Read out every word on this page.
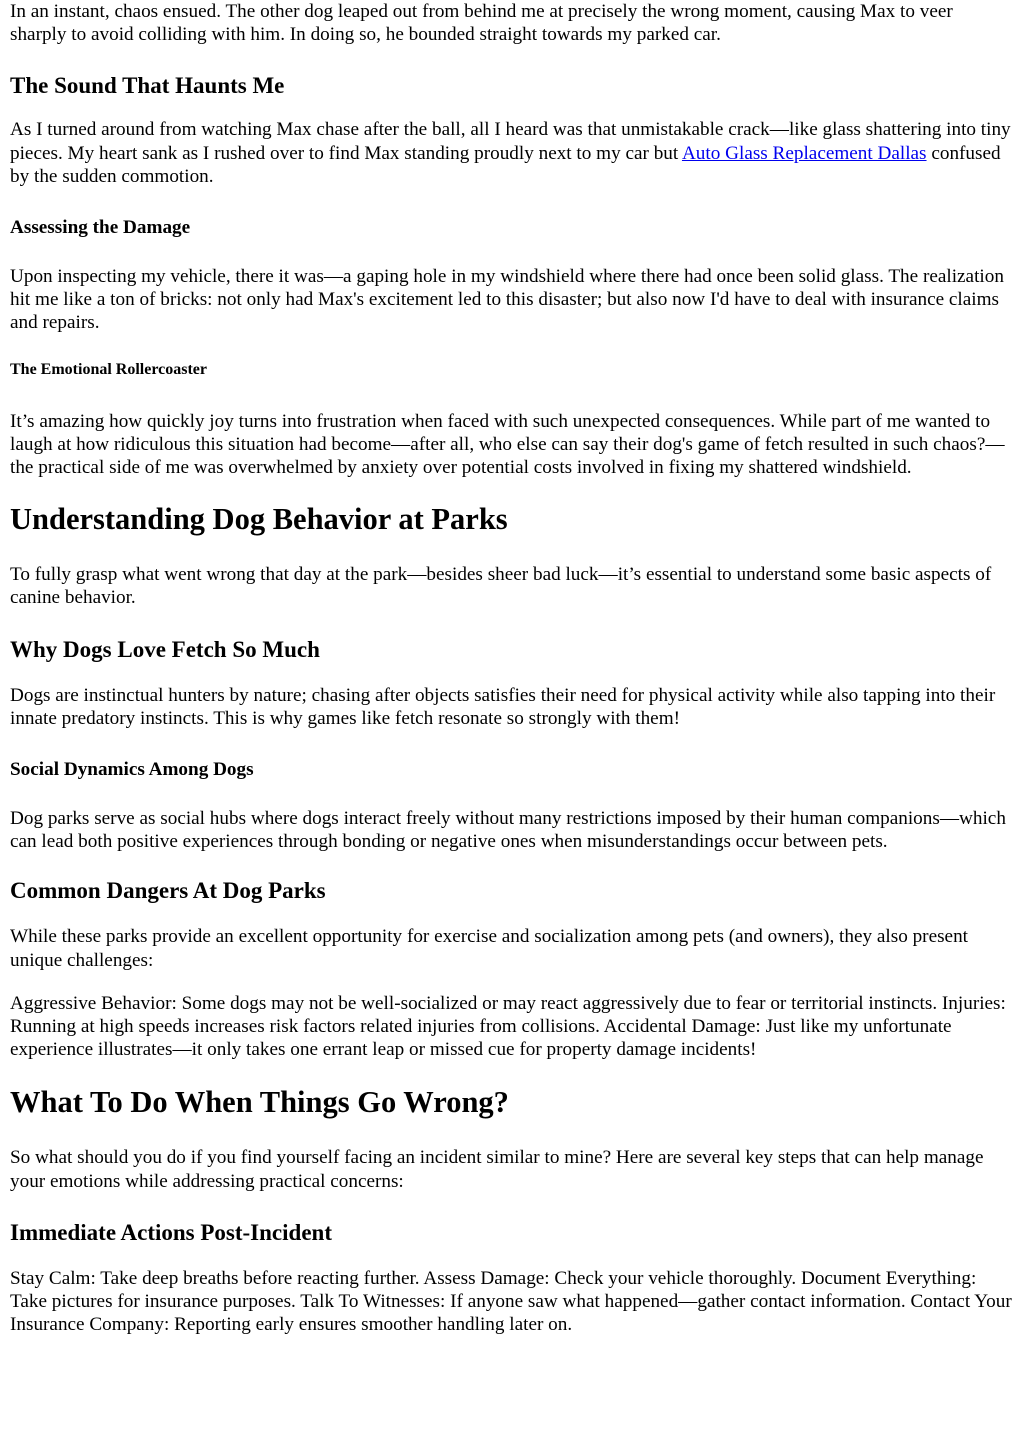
In an instant, chaos ensued. The other dog leaped out from behind me at precisely the wrong moment, causing Max to veer sharply to avoid colliding with him. In doing so, he bounded straight towards my parked car.

The Sound That Haunts Me

As I turned around from watching Max chase after the ball, all I heard was that unmistakable crack—like glass shattering into tiny pieces. My heart sank as I rushed over to find Max standing proudly next to my car but Auto Glass Replacement Dallas confused by the sudden commotion.

Assessing the Damage

Upon inspecting my vehicle, there it was—a gaping hole in my windshield where there had once been solid glass. The realization hit me like a ton of bricks: not only had Max's excitement led to this disaster; but also now I'd have to deal with insurance claims and repairs.

The Emotional Rollercoaster

It’s amazing how quickly joy turns into frustration when faced with such unexpected consequences. While part of me wanted to laugh at how ridiculous this situation had become—after all, who else can say their dog's game of fetch resulted in such chaos?—the practical side of me was overwhelmed by anxiety over potential costs involved in fixing my shattered windshield.

Understanding Dog Behavior at Parks

To fully grasp what went wrong that day at the park—besides sheer bad luck—it’s essential to understand some basic aspects of canine behavior.

Why Dogs Love Fetch So Much

Dogs are instinctual hunters by nature; chasing after objects satisfies their need for physical activity while also tapping into their innate predatory instincts. This is why games like fetch resonate so strongly with them!

Social Dynamics Among Dogs

Dog parks serve as social hubs where dogs interact freely without many restrictions imposed by their human companions—which can lead both positive experiences through bonding or negative ones when misunderstandings occur between pets.

Common Dangers At Dog Parks

While these parks provide an excellent opportunity for exercise and socialization among pets (and owners), they also present unique challenges:

Aggressive Behavior: Some dogs may not be well-socialized or may react aggressively due to fear or territorial instincts. Injuries: Running at high speeds increases risk factors related injuries from collisions. Accidental Damage: Just like my unfortunate experience illustrates—it only takes one errant leap or missed cue for property damage incidents!

What To Do When Things Go Wrong?

So what should you do if you find yourself facing an incident similar to mine? Here are several key steps that can help manage your emotions while addressing practical concerns:

Immediate Actions Post-Incident

Stay Calm: Take deep breaths before reacting further. Assess Damage: Check your vehicle thoroughly. Document Everything: Take pictures for insurance purposes. Talk To Witnesses: If anyone saw what happened—gather contact information. Contact Your Insurance Company: Reporting early ensures smoother handling later on.
